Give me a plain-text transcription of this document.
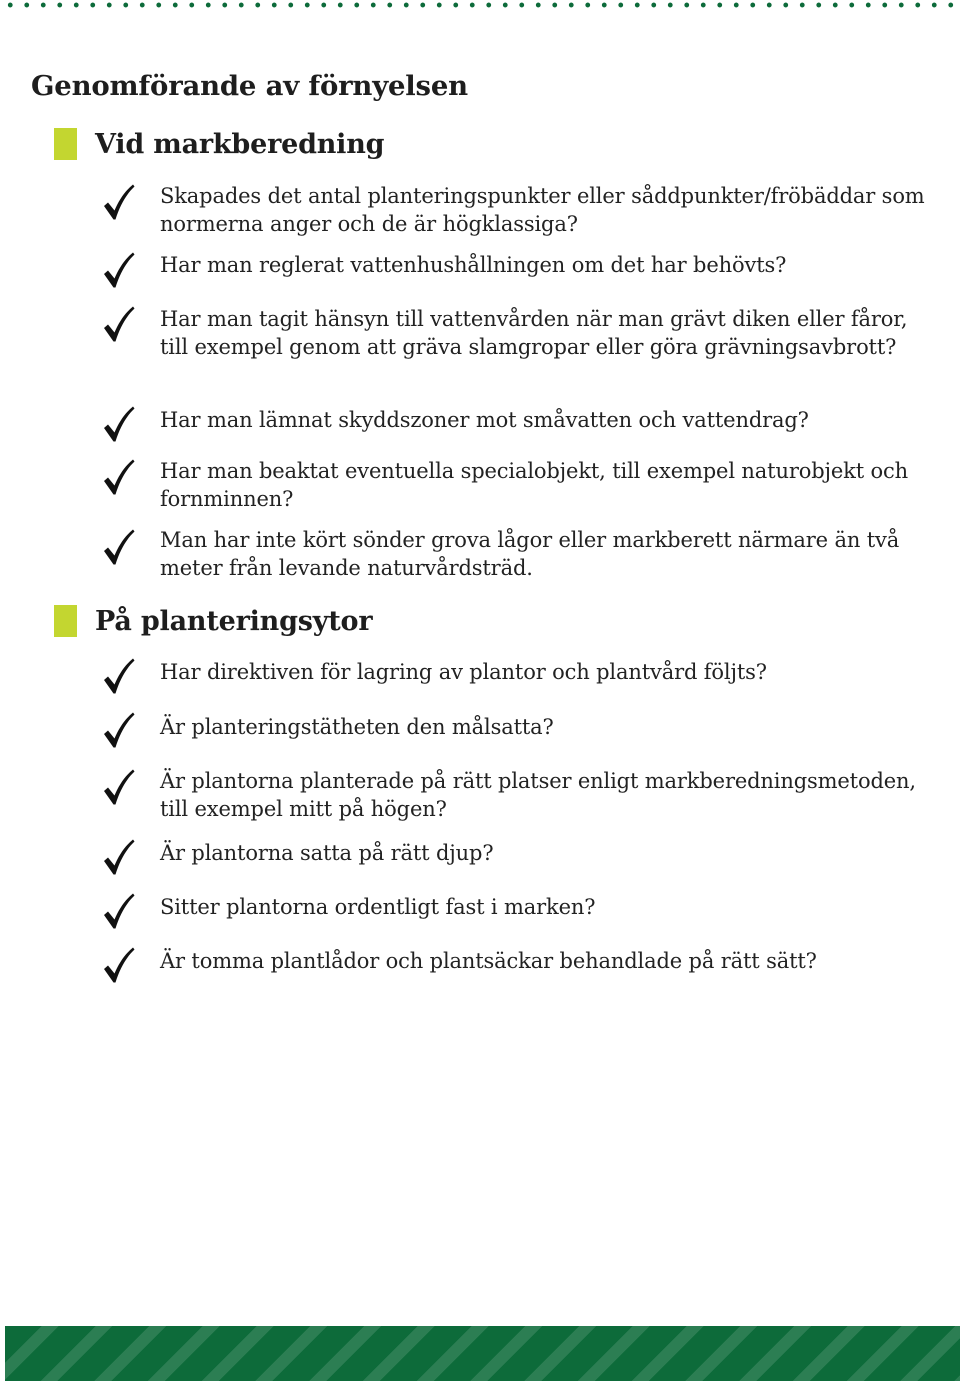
Genomförande av förnyelsen
Vid markberedning

Skapades det antal planteringspunkter eller såddpunkter/fröbäddar som normerna anger och de är högklassiga?

Har man reglerat vattenhushållningen om det har behövts?

Har man tagit hänsyn till vattenvården när man grävt diken eller fåror, till exempel genom att gräva slamgropar eller göra grävningsavbrott?

Har man lämnat skyddszoner mot småvatten och vattendrag?

Har man beaktat eventuella specialobjekt, till exempel naturobjekt och fornminnen?

Man har inte kört sönder grova lågor eller markberett närmare än två meter från levande naturvårdsträd.

På planteringsytor

Har direktiven för lagring av plantor och plantvård följts?

Är planteringstätheten den målsatta?

Är plantorna planterade på rätt platser enligt markberedningsmetoden, till exempel mitt på högen?

Är plantorna satta på rätt djup?

Sitter plantorna ordentligt fast i marken?

Är tomma plantlådor och plantsäckar behandlade på rätt sätt?
